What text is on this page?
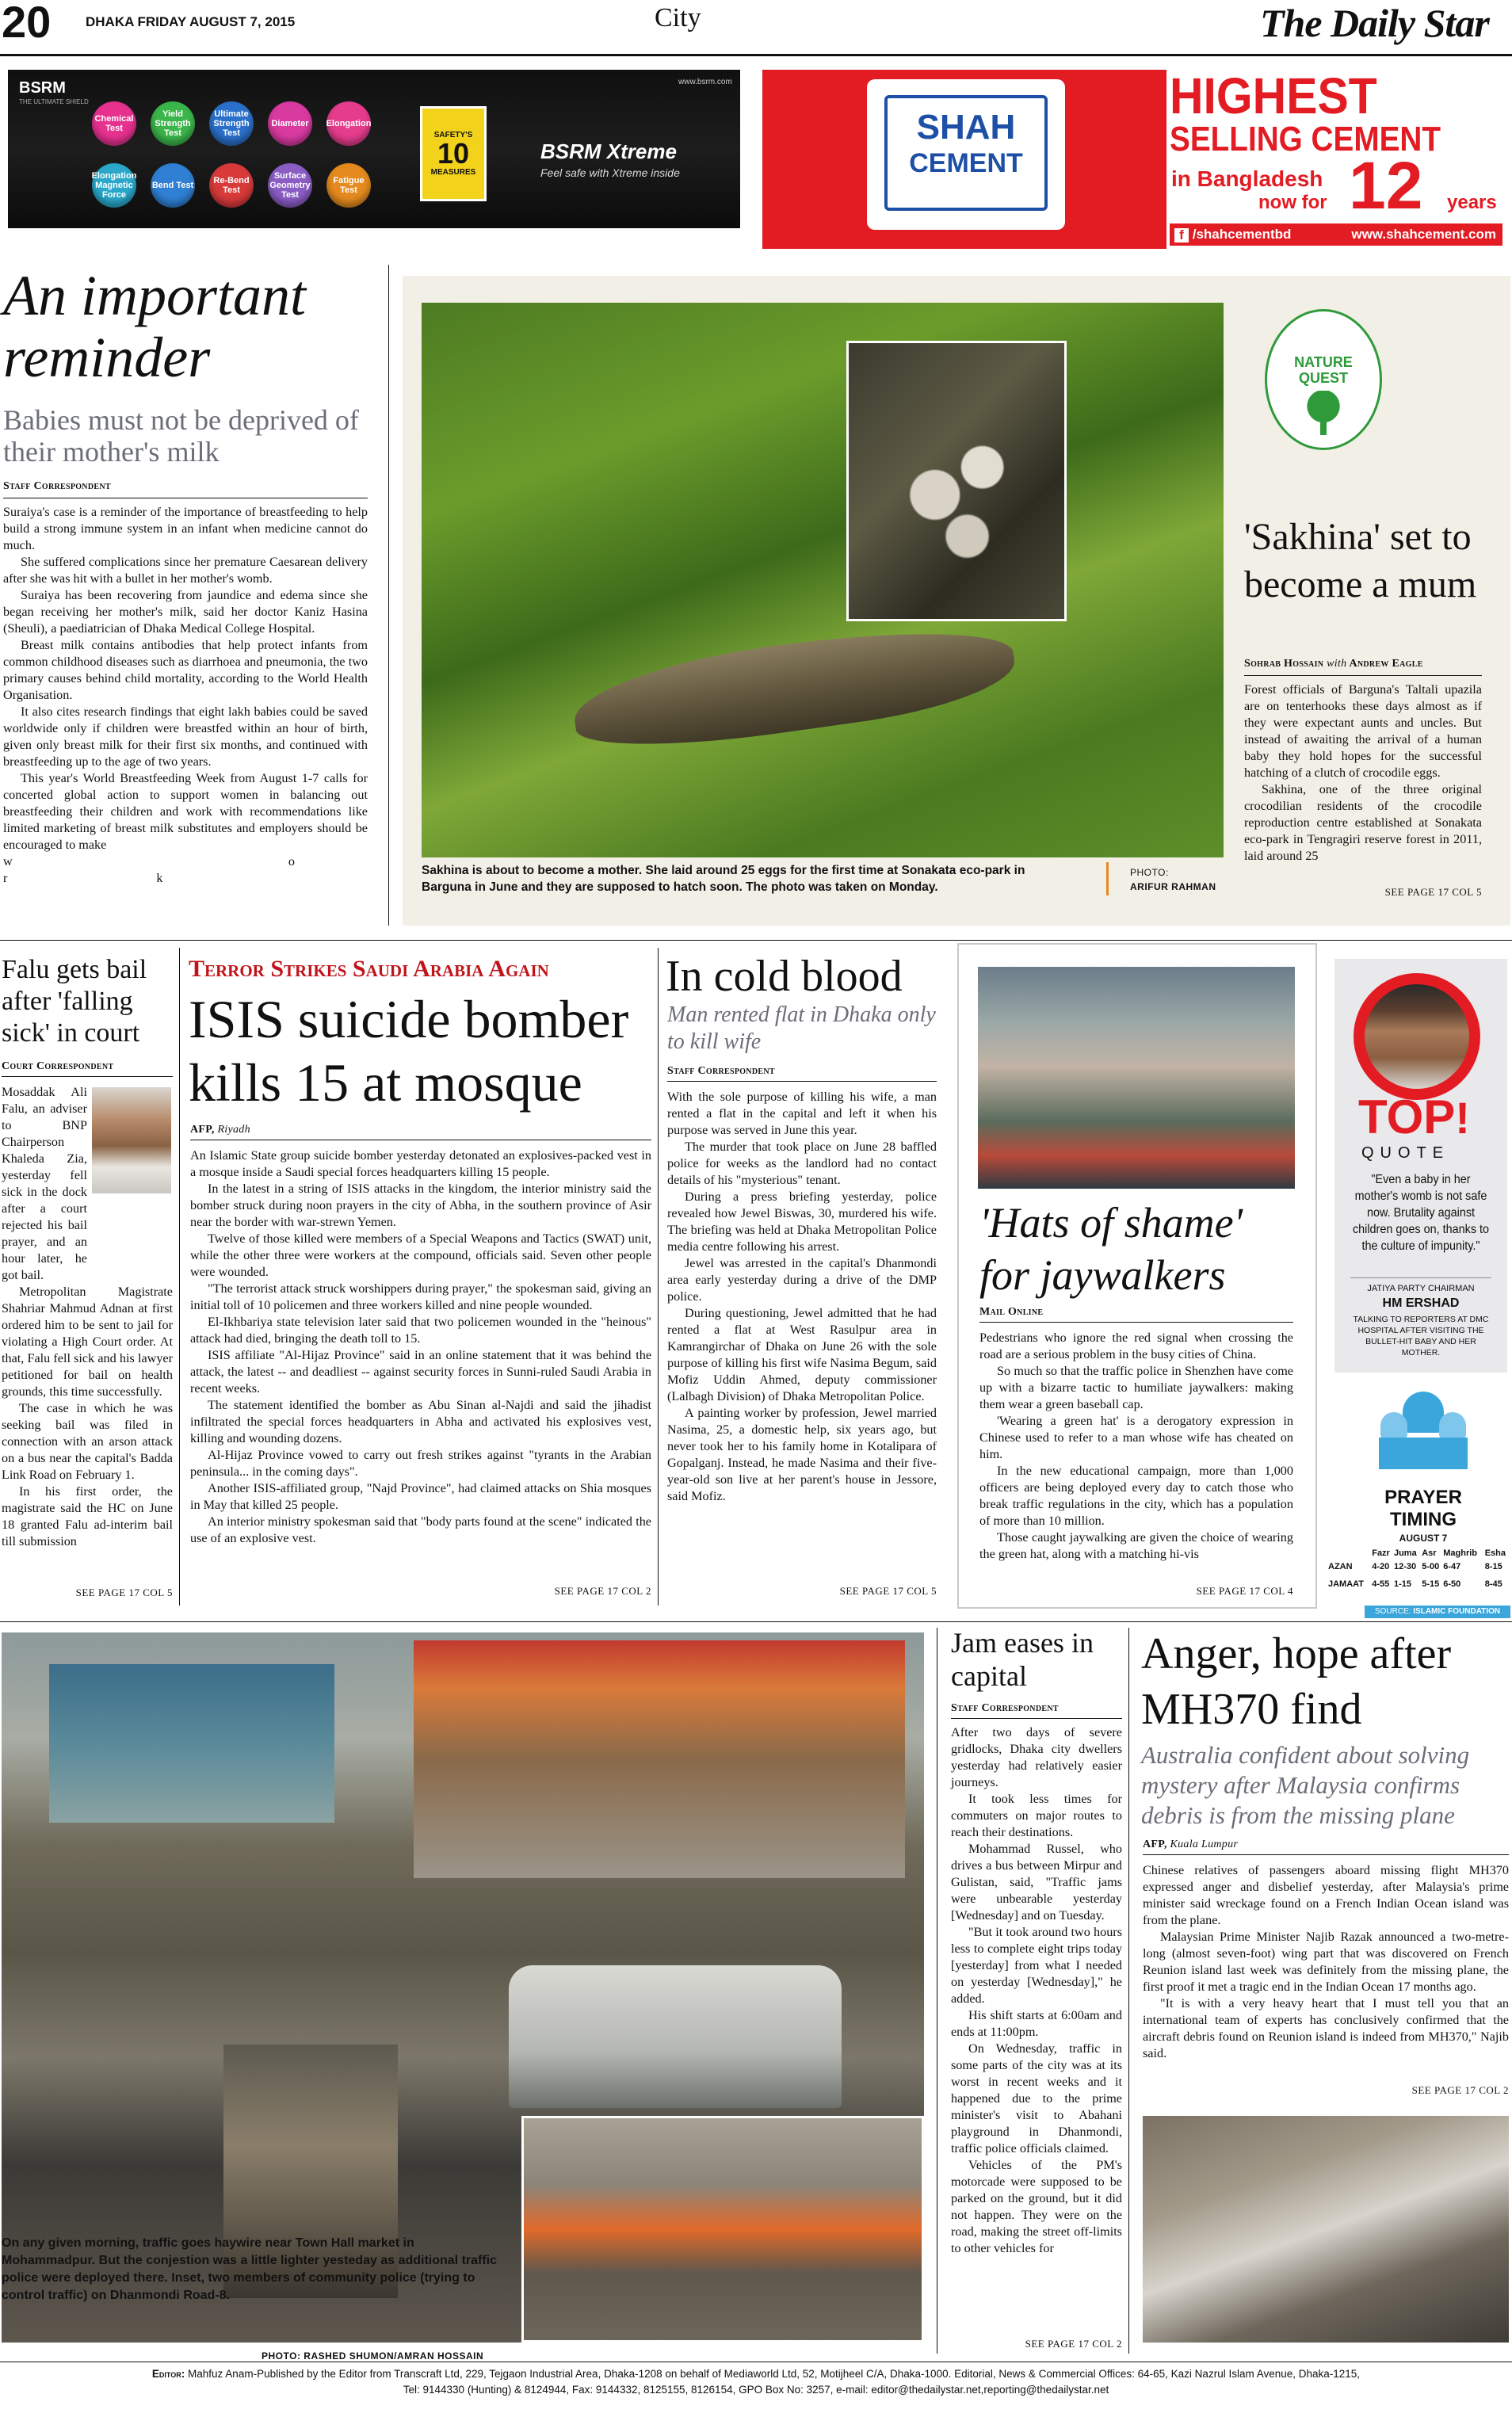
20	DHAKA FRIDAY AUGUST 7, 2015	City	The Daily Star
BSRM
THE ULTIMATE SHIELD
www.bsrm.com
Chemical Test
Yield Strength Test
Ultimate Strength Test
Diameter	Elongation
Elongation Magnetic Force
Bend Test	Re-Bend Test
Surface Geometry Test
Fatigue Test
SAFETY'S
10
MEASURES
BSRM Xtreme
Feel safe with Xtreme inside
SHAH
CEMENT
HIGHEST
SELLING CEMENT
in Bangladesh
now for 12 years
f /shahcementbd	www.shahcement.com
An important reminder
Babies must not be deprived of their mother's milk
Staff Correspondent

Suraiya's case is a reminder of the importance of breastfeeding to help build a strong immune system in an infant when medicine cannot do much.

She suffered complications since her premature Caesarean delivery after she was hit with a bullet in her mother's womb.

Suraiya has been recovering from jaundice and edema since she began receiving her mother's milk, said her doctor Kaniz Hasina (Sheuli), a paediatrician of Dhaka Medical College Hospital.

Breast milk contains antibodies that help protect infants from common childhood diseases such as diarrhoea and pneumonia, the two primary causes behind child mortality, according to the World Health Organisation.

It also cites research findings that eight lakh babies could be saved worldwide only if children were breastfed within an hour of birth, given only breast milk for their first six months, and continued with breastfeeding up to the age of two years.

This year's World Breastfeeding Week from August 1-7 calls for concerted global action to support women in balancing out breastfeeding their children and work with recommendations like limited marketing of breast milk substitutes and employers should be encouraged to make

w o r k

Sakhina is about to become a mother. She laid around 25 eggs for the first time at Sonakata eco-park in Barguna in June and they are supposed to hatch soon. The photo was taken on Monday.
PHOTO:
ARIFUR RAHMAN
NATURE QUEST
'Sakhina' set to become a mum
Sohrab Hossain with Andrew Eagle

Forest officials of Barguna's Taltali upazila are on tenterhooks these days almost as if they were expectant aunts and uncles. But instead of awaiting the arrival of a human baby they hold hopes for the successful hatching of a clutch of crocodile eggs.

Sakhina, one of the three original crocodilian residents of the crocodile reproduction centre established at Sonakata eco-park in Tengragiri reserve forest in 2011, laid around 25

SEE PAGE 17 COL 5
Falu gets bail after 'falling sick' in court
Court Correspondent

Mosaddak Ali Falu, an adviser to BNP Chairperson Khaleda Zia, yesterday fell sick in the dock after a court rejected his bail prayer, and an hour later, he got bail.

Metropolitan Magistrate Shahriar Mahmud Adnan at first ordered him to be sent to jail for violating a High Court order. At that, Falu fell sick and his lawyer petitioned for bail on health grounds, this time successfully.

The case in which he was seeking bail was filed in connection with an arson attack on a bus near the capital's Badda Link Road on February 1.

In his first order, the magistrate said the HC on June 18 granted Falu ad-interim bail till submission

SEE PAGE 17 COL 5
Terror Strikes Saudi Arabia Again
ISIS suicide bomber kills 15 at mosque
AFP, Riyadh

An Islamic State group suicide bomber yesterday detonated an explosives-packed vest in a mosque inside a Saudi special forces headquarters killing 15 people.

In the latest in a string of ISIS attacks in the kingdom, the interior ministry said the bomber struck during noon prayers in the city of Abha, in the southern province of Asir near the border with war-strewn Yemen.

Twelve of those killed were members of a Special Weapons and Tactics (SWAT) unit, while the other three were workers at the compound, officials said. Seven other people were wounded.

"The terrorist attack struck worshippers during prayer," the spokesman said, giving an initial toll of 10 policemen and three workers killed and nine people wounded.

El-Ikhbariya state television later said that two policemen wounded in the "heinous" attack had died, bringing the death toll to 15.

ISIS affiliate "Al-Hijaz Province" said in an online statement that it was behind the attack, the latest -- and deadliest -- against security forces in Sunni-ruled Saudi Arabia in recent weeks.

The statement identified the bomber as Abu Sinan al-Najdi and said the jihadist infiltrated the special forces headquarters in Abha and activated his explosives vest, killing and wounding dozens.

Al-Hijaz Province vowed to carry out fresh strikes against "tyrants in the Arabian peninsula... in the coming days".

Another ISIS-affiliated group, "Najd Province", had claimed attacks on Shia mosques in May that killed 25 people.

An interior ministry spokesman said that "body parts found at the scene" indicated the use of an explosive vest.

SEE PAGE 17 COL 2
In cold blood
Man rented flat in Dhaka only to kill wife
Staff Correspondent

With the sole purpose of killing his wife, a man rented a flat in the capital and left it when his purpose was served in June this year.

The murder that took place on June 28 baffled police for weeks as the landlord had no contact details of his "mysterious" tenant.

During a press briefing yesterday, police revealed how Jewel Biswas, 30, murdered his wife. The briefing was held at Dhaka Metropolitan Police media centre following his arrest.

Jewel was arrested in the capital's Dhanmondi area early yesterday during a drive of the DMP police.

During questioning, Jewel admitted that he had rented a flat at West Rasulpur area in Kamrangirchar of Dhaka on June 26 with the sole purpose of killing his first wife Nasima Begum, said Mofiz Uddin Ahmed, deputy commissioner (Lalbagh Division) of Dhaka Metropolitan Police.

A painting worker by profession, Jewel married Nasima, 25, a domestic help, six years ago, but never took her to his family home in Kotalipara of Gopalganj. Instead, he made Nasima and their five-year-old son live at her parent's house in Jessore, said Mofiz.

SEE PAGE 17 COL 5
'Hats of shame' for jaywalkers
Mail Online

Pedestrians who ignore the red signal when crossing the road are a serious problem in the busy cities of China.

So much so that the traffic police in Shenzhen have come up with a bizarre tactic to humiliate jaywalkers: making them wear a green baseball cap.

'Wearing a green hat' is a derogatory expression in Chinese used to refer to a man whose wife has cheated on him.

In the new educational campaign, more than 1,000 officers are being deployed every day to catch those who break traffic regulations in the city, which has a population of more than 10 million.

Those caught jaywalking are given the choice of wearing the green hat, along with a matching hi-vis

SEE PAGE 17 COL 4
TOP!
QUOTE
"Even a baby in her mother's womb is not safe now. Brutality against children goes on, thanks to the culture of impunity."
JATIYA PARTY CHAIRMAN
HM ERSHAD
TALKING TO REPORTERS AT DMC HOSPITAL AFTER VISITING THE BULLET-HIT BABY AND HER MOTHER.
PRAYER
TIMING
AUGUST 7
	Fazr	Juma	Asr	Maghrib	Esha
AZAN	4-20	12-30	5-00	6-47	8-15
JAMAAT	4-55	1-15	5-15	6-50	8-45
SOURCE: ISLAMIC FOUNDATION
On any given morning, traffic goes haywire near Town Hall market in Mohammadpur. But the conjestion was a little lighter yesteday as additional traffic police were deployed there. Inset, two members of community police (trying to control traffic) on Dhanmondi Road-8.
PHOTO: RASHED SHUMON/AMRAN HOSSAIN
Jam eases in capital
Staff Correspondent

After two days of severe gridlocks, Dhaka city dwellers yesterday had relatively easier journeys.

It took less times for commuters on major routes to reach their destinations.

Mohammad Russel, who drives a bus between Mirpur and Gulistan, said, "Traffic jams were unbearable yesterday [Wednesday] and on Tuesday.

"But it took around two hours less to complete eight trips today [yesterday] from what I needed on yesterday [Wednesday]," he added.

His shift starts at 6:00am and ends at 11:00pm.

On Wednesday, traffic in some parts of the city was at its worst in recent weeks and it happened due to the prime minister's visit to Abahani playground in Dhanmondi, traffic police officials claimed.

Vehicles of the PM's motorcade were supposed to be parked on the ground, but it did not happen. They were on the road, making the street off-limits to other vehicles for

SEE PAGE 17 COL 2
Anger, hope after MH370 find
Australia confident about solving mystery after Malaysia confirms debris is from the missing plane
AFP, Kuala Lumpur

Chinese relatives of passengers aboard missing flight MH370 expressed anger and disbelief yesterday, after Malaysia's prime minister said wreckage found on a French Indian Ocean island was from the plane.

Malaysian Prime Minister Najib Razak announced a two-metre-long (almost seven-foot) wing part that was discovered on French Reunion island last week was definitely from the missing plane, the first proof it met a tragic end in the Indian Ocean 17 months ago.

"It is with a very heavy heart that I must tell you that an international team of experts has conclusively confirmed that the aircraft debris found on Reunion island is indeed from MH370," Najib said.

SEE PAGE 17 COL 2
Editor: Mahfuz Anam-Published by the Editor from Transcraft Ltd, 229, Tejgaon Industrial Area, Dhaka-1208 on behalf of Mediaworld Ltd, 52, Motijheel C/A, Dhaka-1000. Editorial, News & Commercial Offices: 64-65, Kazi Nazrul Islam Avenue, Dhaka-1215,
Tel: 9144330 (Hunting) & 8124944, Fax: 9144332, 8125155, 8126154, GPO Box No: 3257, e-mail: editor@thedailystar.net,reporting@thedailystar.net
